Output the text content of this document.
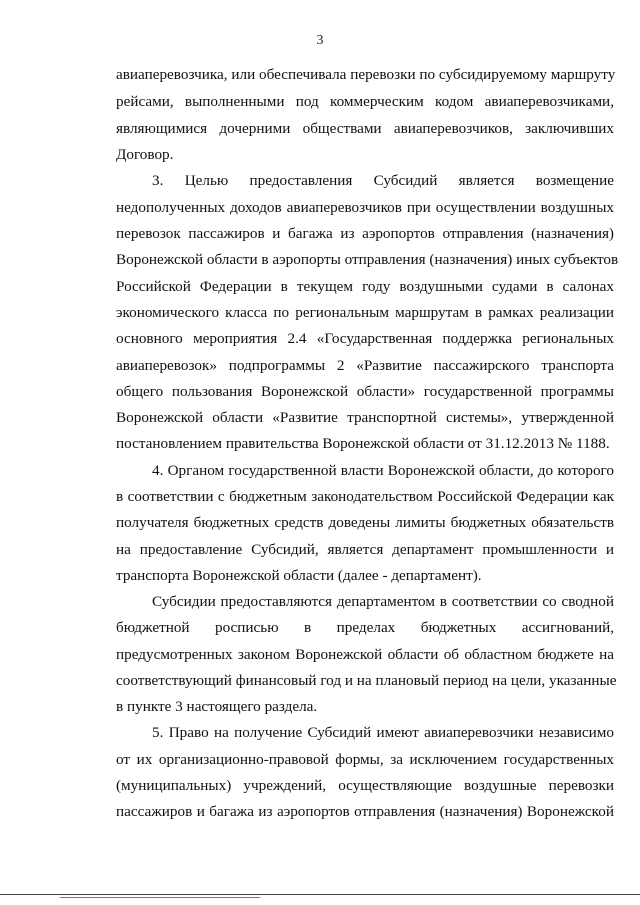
3
авиаперевозчика, или обеспечивала перевозки по субсидируемому маршруту
рейсами, выполненными под коммерческим кодом авиаперевозчиками,
являющимися дочерними обществами авиаперевозчиков, заключивших
Договор.
3. Целью предоставления Субсидий является возмещение
недополученных доходов авиаперевозчиков при осуществлении воздушных
перевозок пассажиров и багажа из аэропортов отправления (назначения)
Воронежской области в аэропорты отправления (назначения) иных субъектов
Российской Федерации в текущем году воздушными судами в салонах
экономического класса по региональным маршрутам в рамках реализации
основного мероприятия 2.4 «Государственная поддержка региональных
авиаперевозок» подпрограммы 2 «Развитие пассажирского транспорта
общего пользования Воронежской области» государственной программы
Воронежской области «Развитие транспортной системы», утвержденной
постановлением правительства Воронежской области от 31.12.2013 № 1188.
4. Органом государственной власти Воронежской области, до которого
в соответствии с бюджетным законодательством Российской Федерации как
получателя бюджетных средств доведены лимиты бюджетных обязательств
на предоставление Субсидий, является департамент промышленности и
транспорта Воронежской области (далее - департамент).
Субсидии предоставляются департаментом в соответствии со сводной
бюджетной росписью в пределах бюджетных ассигнований,
предусмотренных законом Воронежской области об областном бюджете на
соответствующий финансовый год и на плановый период на цели, указанные
в пункте 3 настоящего раздела.
5. Право на получение Субсидий имеют авиаперевозчики независимо
от их организационно-правовой формы, за исключением государственных
(муниципальных) учреждений, осуществляющие воздушные перевозки
пассажиров и багажа из аэропортов отправления (назначения) Воронежской
